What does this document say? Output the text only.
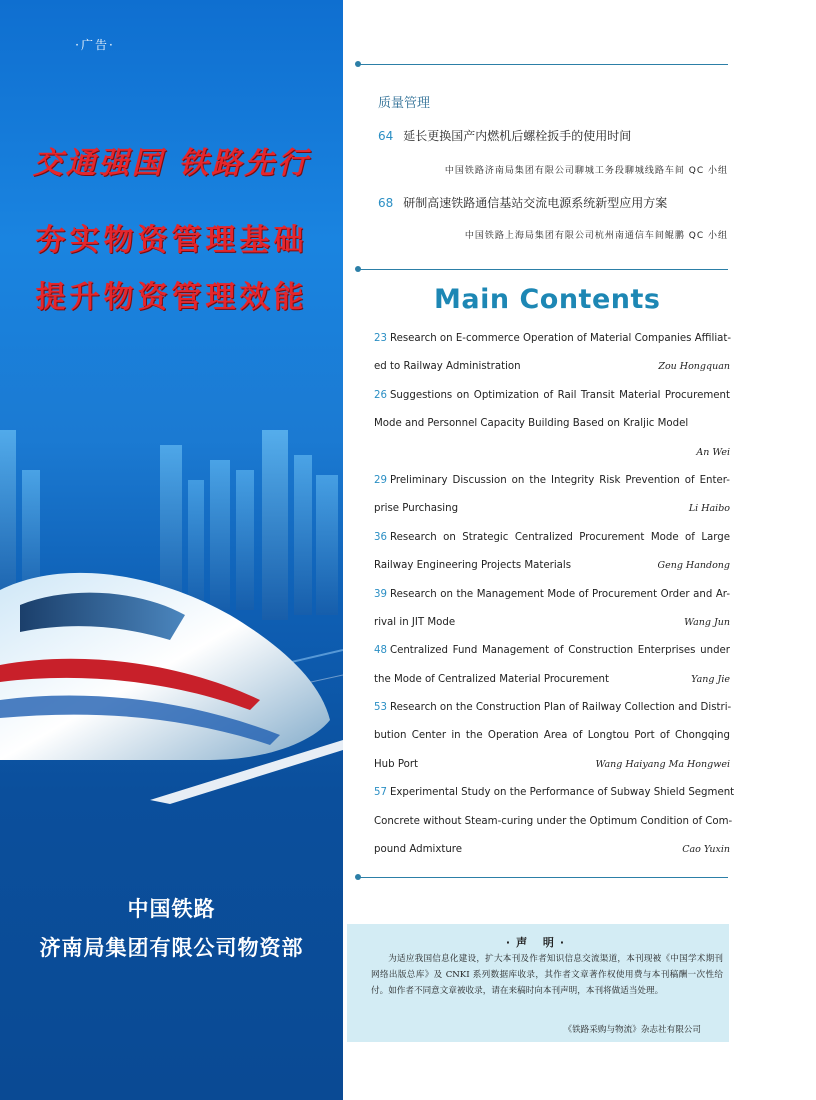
·广告·
交通强国 铁路先行
夯实物资管理基础
提升物资管理效能
中国铁路
济南局集团有限公司物资部
质量管理
64 延长更换国产内燃机后螺栓扳手的使用时间
中国铁路济南局集团有限公司聊城工务段聊城线路车间 QC 小组
68 研制高速铁路通信基站交流电源系统新型应用方案
中国铁路上海局集团有限公司杭州南通信车间鲲鹏 QC 小组
Main Contents
23 Research on E-commerce Operation of Material Companies Affiliat-
ed to Railway Administration	Zou Hongquan
26 Suggestions on Optimization of Rail Transit Material Procurement
Mode and Personnel Capacity Building Based on Kraljic Model
An Wei
29 Preliminary Discussion on the Integrity Risk Prevention of Enter-
prise Purchasing	Li Haibo
36 Research on Strategic Centralized Procurement Mode of Large
Railway Engineering Projects Materials	Geng Handong
39 Research on the Management Mode of Procurement Order and Ar-
rival in JIT Mode	Wang Jun
48 Centralized Fund Management of Construction Enterprises under
the Mode of Centralized Material Procurement	Yang Jie
53 Research on the Construction Plan of Railway Collection and Distri-
bution Center in the Operation Area of Longtou Port of Chongqing
Hub Port	Wang Haiyang Ma Hongwei
57 Experimental Study on the Performance of Subway Shield Segment
Concrete without Steam-curing under the Optimum Condition of Com-
pound Admixture	Cao Yuxin
·声 明·
为适应我国信息化建设，扩大本刊及作者知识信息交流渠道，本刊现被《中国学术期刊网络出版总库》及 CNKI 系列数据库收录，其作者文章著作权使用费与本刊稿酬一次性给付。如作者不同意文章被收录，请在来稿时向本刊声明，本刊将做适当处理。
《铁路采购与物流》杂志社有限公司
